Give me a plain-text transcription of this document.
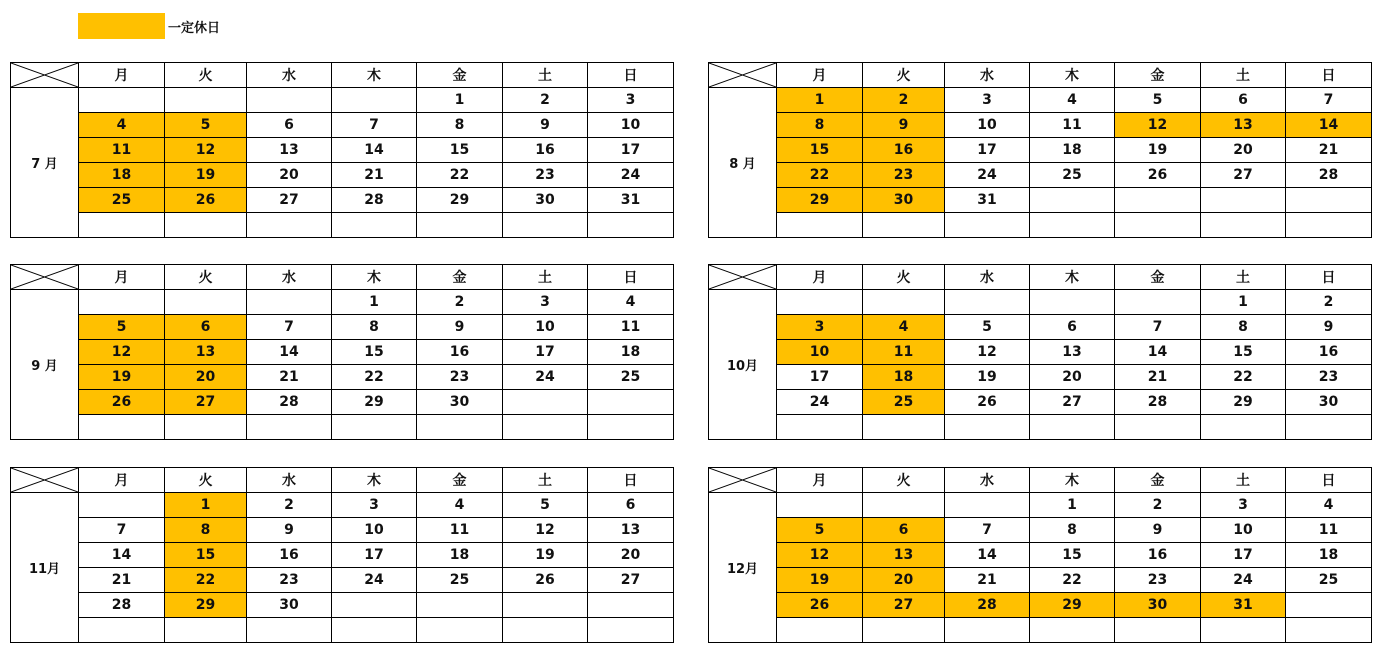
一定休日
	月	火	水	木	金	土	日
7 月					1	2	3
	4	5	6	7	8	9	10
	11	12	13	14	15	16	17
	18	19	20	21	22	23	24
	25	26	27	28	29	30	31

	月	火	水	木	金	土	日
8 月	1	2	3	4	5	6	7
	8	9	10	11	12	13	14
	15	16	17	18	19	20	21
	22	23	24	25	26	27	28
	29	30	31				

	月	火	水	木	金	土	日
9 月				1	2	3	4
	5	6	7	8	9	10	11
	12	13	14	15	16	17	18
	19	20	21	22	23	24	25
	26	27	28	29	30		

	月	火	水	木	金	土	日
10月						1	2
	3	4	5	6	7	8	9
	10	11	12	13	14	15	16
	17	18	19	20	21	22	23
	24	25	26	27	28	29	30

	月	火	水	木	金	土	日
11月		1	2	3	4	5	6
	7	8	9	10	11	12	13
	14	15	16	17	18	19	20
	21	22	23	24	25	26	27
	28	29	30				

	月	火	水	木	金	土	日
12月				1	2	3	4
	5	6	7	8	9	10	11
	12	13	14	15	16	17	18
	19	20	21	22	23	24	25
	26	27	28	29	30	31	
